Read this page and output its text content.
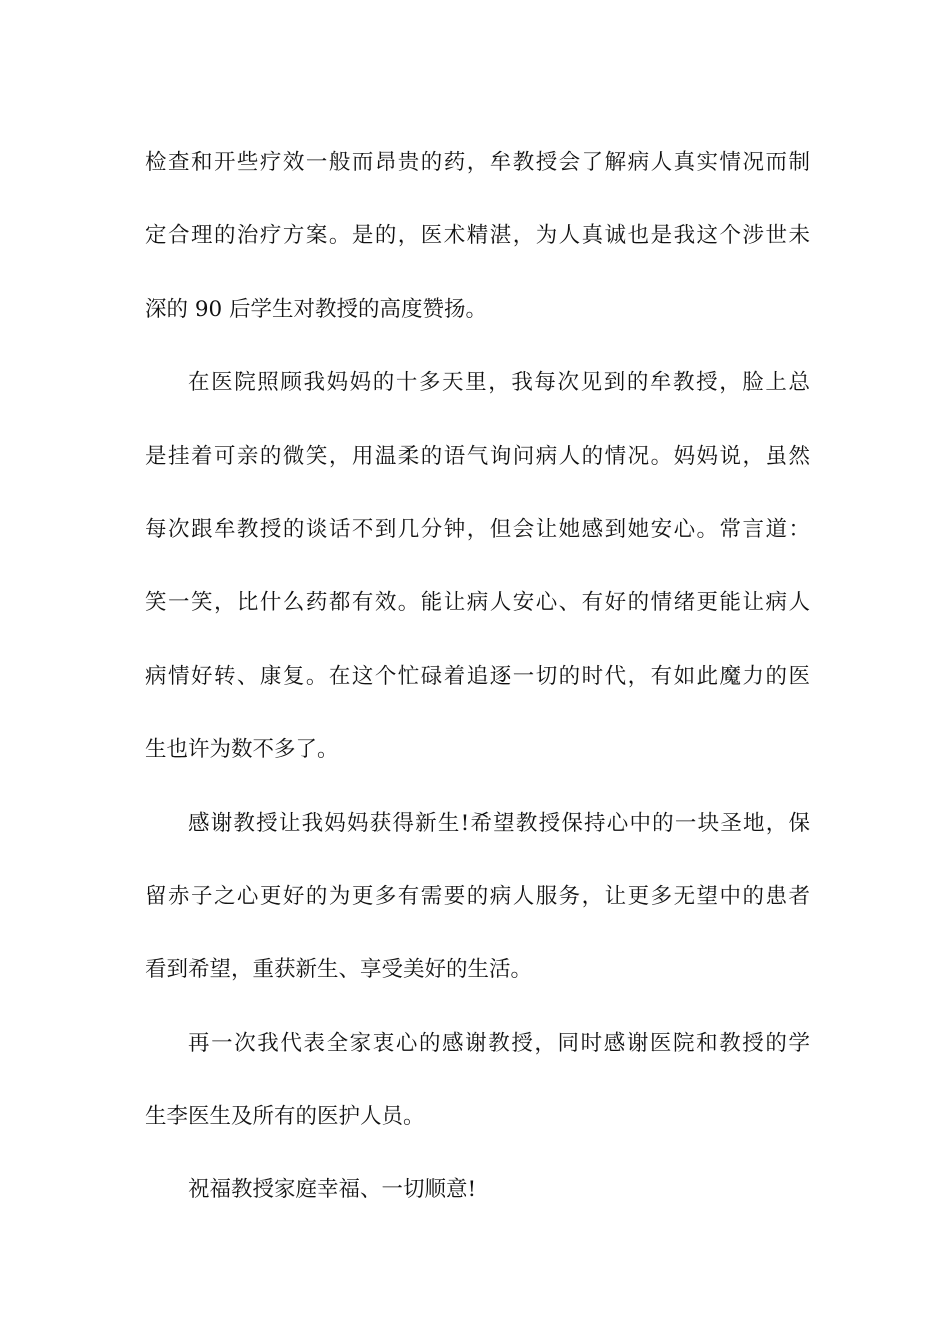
检查和开些疗效一般而昂贵的药，牟教授会了解病人真实情况而制
定合理的治疗方案。是的，医术精湛，为人真诚也是我这个涉世未
深的 90 后学生对教授的高度赞扬。
在医院照顾我妈妈的十多天里，我每次见到的牟教授，脸上总
是挂着可亲的微笑，用温柔的语气询问病人的情况。妈妈说，虽然
每次跟牟教授的谈话不到几分钟，但会让她感到她安心。常言道：
笑一笑，比什么药都有效。能让病人安心、有好的情绪更能让病人
病情好转、康复。在这个忙碌着追逐一切的时代，有如此魔力的医
生也许为数不多了。
感谢教授让我妈妈获得新生!希望教授保持心中的一块圣地，保
留赤子之心更好的为更多有需要的病人服务，让更多无望中的患者
看到希望，重获新生、享受美好的生活。
再一次我代表全家衷心的感谢教授，同时感谢医院和教授的学
生李医生及所有的医护人员。
祝福教授家庭幸福、一切顺意!
